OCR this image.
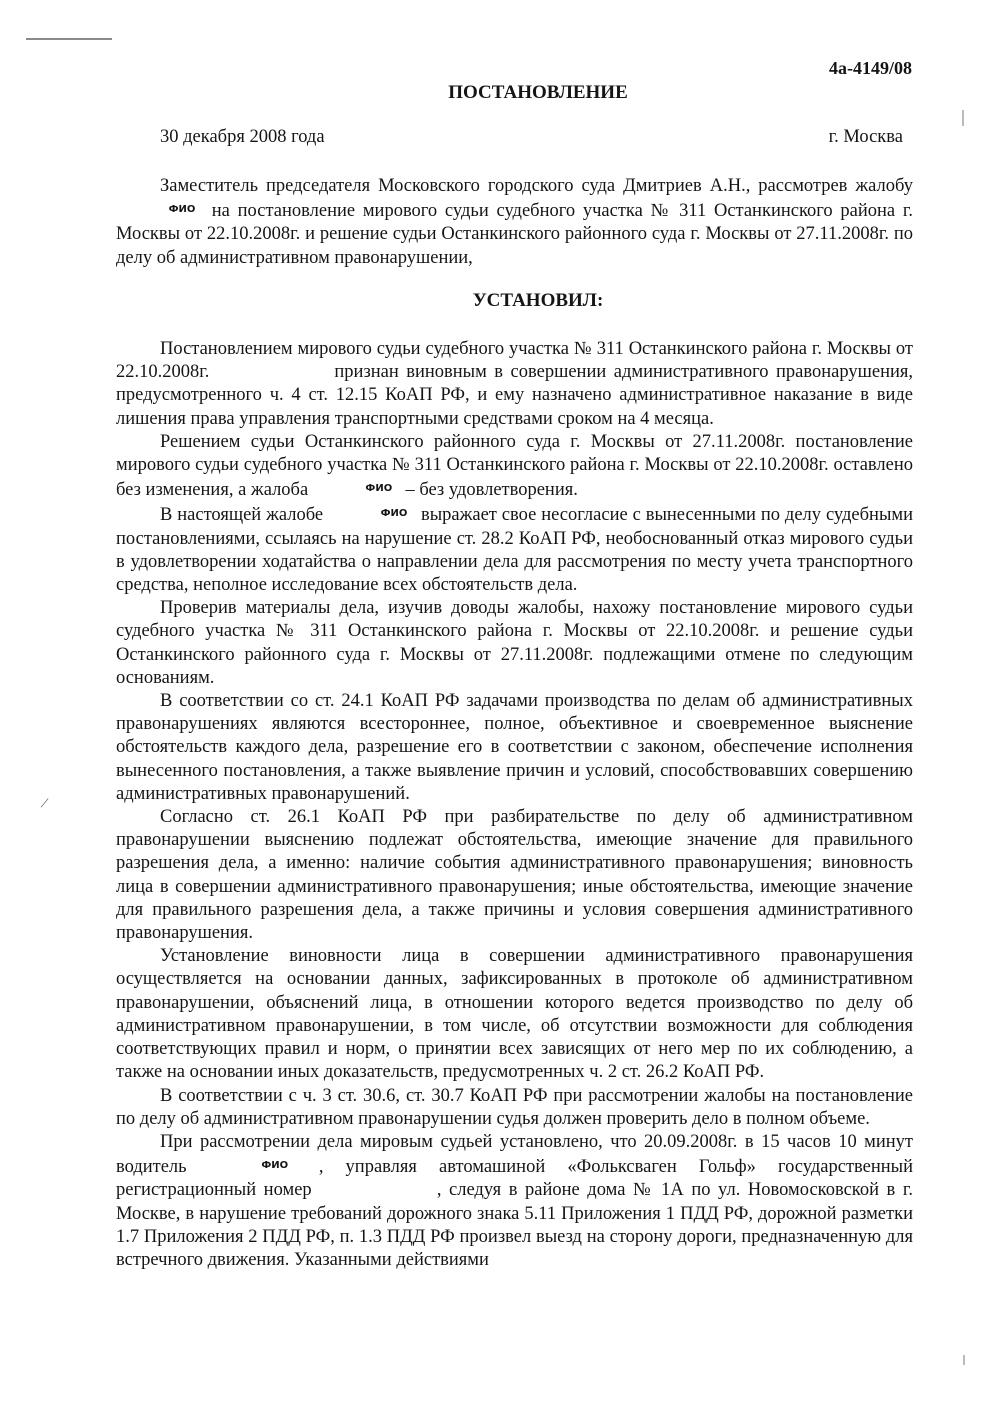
/
4а-4149/08
ПОСТАНОВЛЕНИЕ
30 декабря 2008 года	г. Москва

Заместитель председателя Московского городского суда Дмитриев А.Н., рассмотрев жалобу ФИО на постановление мирового судьи судебного участка № 311 Останкинского района г. Москвы от 22.10.2008г. и решение судьи Останкинского районного суда г. Москвы от 27.11.2008г. по делу об административном правонарушении,

УСТАНОВИЛ:

Постановлением мирового судьи судебного участка № 311 Останкинского района г. Москвы от 22.10.2008г.	признан виновным в совершении административного правонарушения, предусмотренного ч. 4 ст. 12.15 КоАП РФ, и ему назначено административное наказание в виде лишения права управления транспортными средствами сроком на 4 месяца.

Решением судьи Останкинского районного суда г. Москвы от 27.11.2008г. постановление мирового судьи судебного участка № 311 Останкинского района г. Москвы от 22.10.2008г. оставлено без изменения, а жалоба	ФИО – без удовлетворения.

В настоящей жалобе	ФИО выражает свое несогласие с вынесенными по делу судебными постановлениями, ссылаясь на нарушение ст. 28.2 КоАП РФ, необоснованный отказ мирового судьи в удовлетворении ходатайства о направлении дела для рассмотрения по месту учета транспортного средства, неполное исследование всех обстоятельств дела.

Проверив материалы дела, изучив доводы жалобы, нахожу постановление мирового судьи судебного участка № 311 Останкинского района г. Москвы от 22.10.2008г. и решение судьи Останкинского районного суда г. Москвы от 27.11.2008г. подлежащими отмене по следующим основаниям.

В соответствии со ст. 24.1 КоАП РФ задачами производства по делам об административных правонарушениях являются всестороннее, полное, объективное и своевременное выяснение обстоятельств каждого дела, разрешение его в соответствии с законом, обеспечение исполнения вынесенного постановления, а также выявление причин и условий, способствовавших совершению административных правонарушений.

Согласно ст. 26.1 КоАП РФ при разбирательстве по делу об административном правонарушении выяснению подлежат обстоятельства, имеющие значение для правильного разрешения дела, а именно: наличие события административного правонарушения; виновность лица в совершении административного правонарушения; иные обстоятельства, имеющие значение для правильного разрешения дела, а также причины и условия совершения административного правонарушения.

Установление виновности лица в совершении административного правонарушения осуществляется на основании данных, зафиксированных в протоколе об административном правонарушении, объяснений лица, в отношении которого ведется производство по делу об административном правонарушении, в том числе, об отсутствии возможности для соблюдения соответствующих правил и норм, о принятии всех зависящих от него мер по их соблюдению, а также на основании иных доказательств, предусмотренных ч. 2 ст. 26.2 КоАП РФ.

В соответствии с ч. 3 ст. 30.6, ст. 30.7 КоАП РФ при рассмотрении жалобы на постановление по делу об административном правонарушении судья должен проверить дело в полном объеме.

При рассмотрении дела мировым судьей установлено, что 20.09.2008г. в 15 часов 10 минут водитель	ФИО , управляя автомашиной «Фольксваген Гольф» государственный регистрационный номер	, следуя в районе дома № 1А по ул. Новомосковской в г. Москве, в нарушение требований дорожного знака 5.11 Приложения 1 ПДД РФ, дорожной разметки 1.7 Приложения 2 ПДД РФ, п. 1.3 ПДД РФ произвел выезд на сторону дороги, предназначенную для встречного движения. Указанными действиями
